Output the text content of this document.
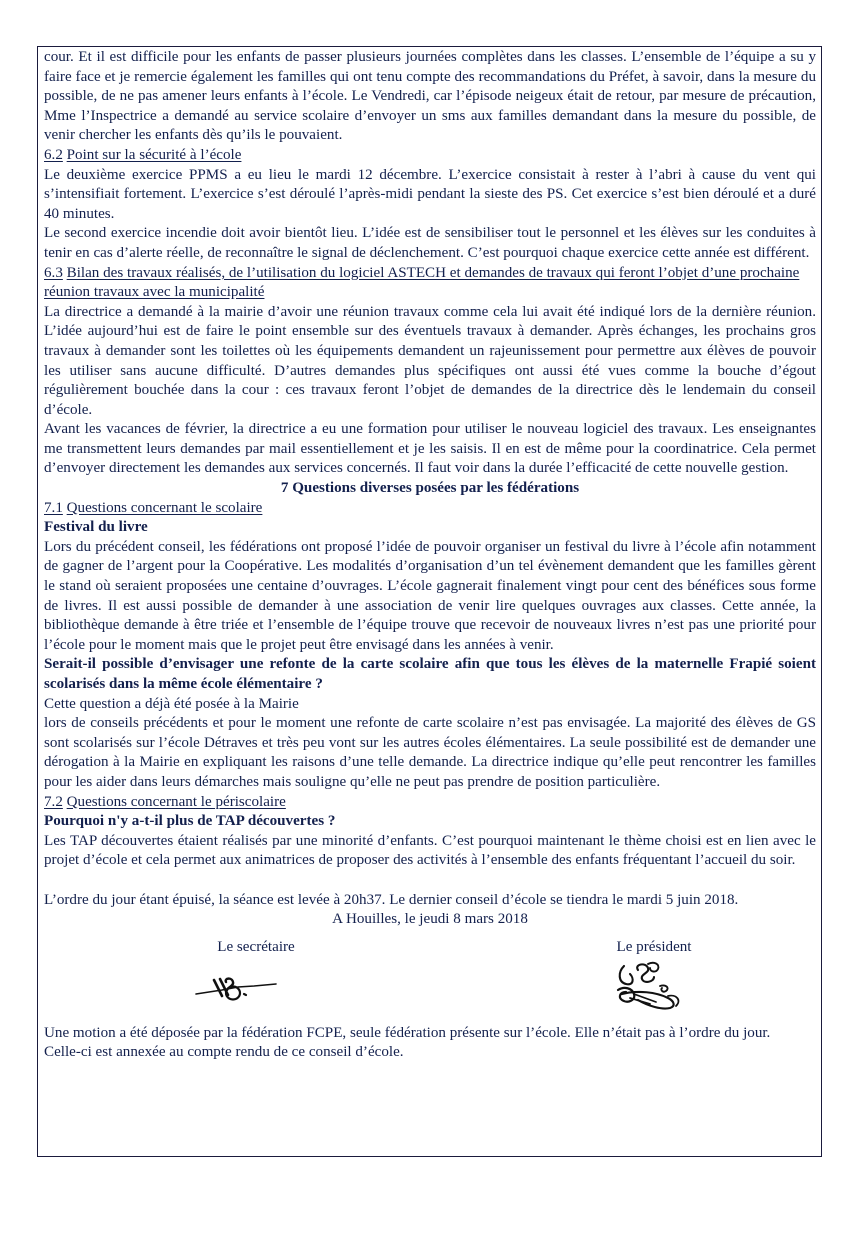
cour. Et il est difficile pour les enfants de passer plusieurs journées complètes dans les classes. L’ensemble de l’équipe a su y faire face et je remercie également les familles qui ont tenu compte des recommandations du Préfet, à savoir, dans la mesure du possible, de ne pas amener leurs enfants à l’école. Le Vendredi, car l’épisode neigeux était de retour, par mesure de précaution, Mme l’Inspectrice a demandé au service scolaire d’envoyer un sms aux familles demandant dans la mesure du possible, de venir chercher les enfants dès qu’ils le pouvaient.

6.2 Point sur la sécurité à l’école

Le deuxième exercice PPMS a eu lieu le mardi 12 décembre. L’exercice consistait à rester à l’abri à cause du vent qui s’intensifiait fortement. L’exercice s’est déroulé l’après-midi pendant la sieste des PS. Cet exercice s’est bien déroulé et a duré 40 minutes.

Le second exercice incendie doit avoir bientôt lieu. L’idée est de sensibiliser tout le personnel et les élèves sur les conduites à tenir en cas d’alerte réelle, de reconnaître le signal de déclenchement. C’est pourquoi chaque exercice cette année est différent.

6.3 Bilan des travaux réalisés, de l’utilisation du logiciel ASTECH et demandes de travaux qui feront l’objet d’une prochaine réunion travaux avec la municipalité

La directrice a demandé à la mairie d’avoir une réunion travaux comme cela lui avait été indiqué lors de la dernière réunion. L’idée aujourd’hui est de faire le point ensemble sur des éventuels travaux à demander. Après échanges, les prochains gros travaux à demander sont les toilettes où les équipements demandent un rajeunissement pour permettre aux élèves de pouvoir les utiliser sans aucune difficulté. D’autres demandes plus spécifiques ont aussi été vues comme la bouche d’égout régulièrement bouchée dans la cour : ces travaux feront l’objet de demandes de la directrice dès le lendemain du conseil d’école.

Avant les vacances de février, la directrice a eu une formation pour utiliser le nouveau logiciel des travaux. Les enseignantes me transmettent leurs demandes par mail essentiellement et je les saisis. Il en est de même pour la coordinatrice. Cela permet d’envoyer directement les demandes aux services concernés. Il faut voir dans la durée l’efficacité de cette nouvelle gestion.

7 Questions diverses posées par les fédérations

7.1 Questions concernant le scolaire

Festival du livre

Lors du précédent conseil, les fédérations ont proposé l’idée de pouvoir organiser un festival du livre à l’école afin notamment de gagner de l’argent pour la Coopérative. Les modalités d’organisation d’un tel évènement demandent que les familles gèrent le stand où seraient proposées une centaine d’ouvrages. L’école gagnerait finalement vingt pour cent des bénéfices sous forme de livres. Il est aussi possible de demander à une association de venir lire quelques ouvrages aux classes. Cette année, la bibliothèque demande à être triée et l’ensemble de l’équipe trouve que recevoir de nouveaux livres n’est pas une priorité pour l’école pour le moment mais que le projet peut être envisagé dans les années à venir.

Serait-il possible d’envisager une refonte de la carte scolaire afin que tous les élèves de la maternelle Frapié soient scolarisés dans la même école élémentaire ?

Cette question a déjà été posée à la Mairie

lors de conseils précédents et pour le moment une refonte de carte scolaire n’est pas envisagée. La majorité des élèves de GS sont scolarisés sur l’école Détraves et très peu vont sur les autres écoles élémentaires. La seule possibilité est de demander une dérogation à la Mairie en expliquant les raisons d’une telle demande. La directrice indique qu’elle peut rencontrer les familles pour les aider dans leurs démarches mais souligne qu’elle ne peut pas prendre de position particulière.

7.2 Questions concernant le périscolaire

Pourquoi n'y a-t-il plus de TAP découvertes ?

Les TAP découvertes étaient réalisés par une minorité d’enfants. C’est pourquoi maintenant le thème choisi est en lien avec le projet d’école et cela permet aux animatrices de proposer des activités à l’ensemble des enfants fréquentant l’accueil du soir.

L’ordre du jour étant épuisé, la séance est levée à 20h37. Le dernier conseil d’école se tiendra le mardi 5 juin 2018.

A Houilles, le jeudi 8 mars 2018

Le secrétaire	Le président

Une motion a été déposée par la fédération FCPE, seule fédération présente sur l’école. Elle n’était pas à l’ordre du jour.

Celle-ci est annexée au compte rendu de ce conseil d’école.
